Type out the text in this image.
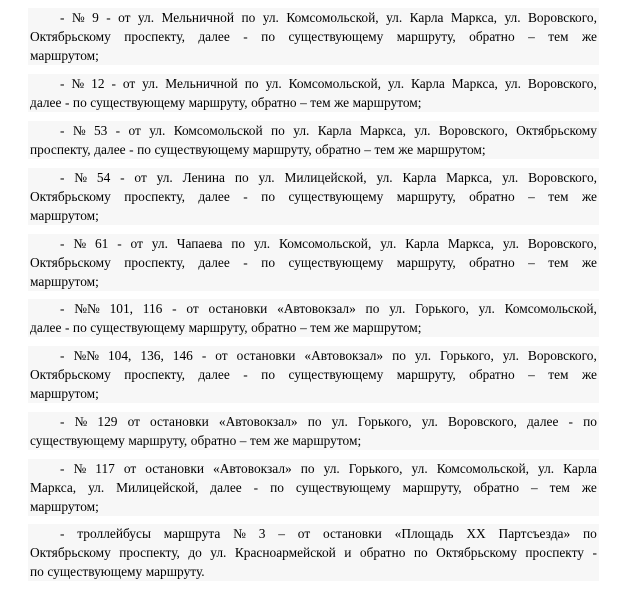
- № 9 - от ул. Мельничной по ул. Комсомольской, ул. Карла Маркса, ул. Воровского,
Октябрьскому проспекту, далее - по существующему маршруту, обратно – тем же
маршрутом;
- № 12 - от ул. Мельничной по ул. Комсомольской, ул. Карла Маркса, ул. Воровского,
далее - по существующему маршруту, обратно – тем же маршрутом;
- № 53 - от ул. Комсомольской по ул. Карла Маркса, ул. Воровского, Октябрьскому
проспекту, далее - по существующему маршруту, обратно – тем же маршрутом;
- № 54 - от ул. Ленина по ул. Милицейской, ул. Карла Маркса, ул. Воровского,
Октябрьскому проспекту, далее - по существующему маршруту, обратно – тем же
маршрутом;
- № 61 - от ул. Чапаева по ул. Комсомольской, ул. Карла Маркса, ул. Воровского,
Октябрьскому проспекту, далее - по существующему маршруту, обратно – тем же
маршрутом;
- №№ 101, 116 - от остановки «Автовокзал» по ул. Горького, ул. Комсомольской,
далее - по существующему маршруту, обратно – тем же маршрутом;
- №№ 104, 136, 146 - от остановки «Автовокзал» по ул. Горького, ул. Воровского,
Октябрьскому проспекту, далее - по существующему маршруту, обратно – тем же
маршрутом;
- № 129 от остановки «Автовокзал» по ул. Горького, ул. Воровского, далее - по
существующему маршруту, обратно – тем же маршрутом;
- № 117 от остановки «Автовокзал» по ул. Горького, ул. Комсомольской, ул. Карла
Маркса, ул. Милицейской, далее - по существующему маршруту, обратно – тем же
маршрутом;
- троллейбусы маршрута № 3 – от остановки «Площадь XX Партсъезда» по
Октябрьскому проспекту, до ул. Красноармейской и обратно по Октябрьскому проспекту -
по существующему маршруту.
